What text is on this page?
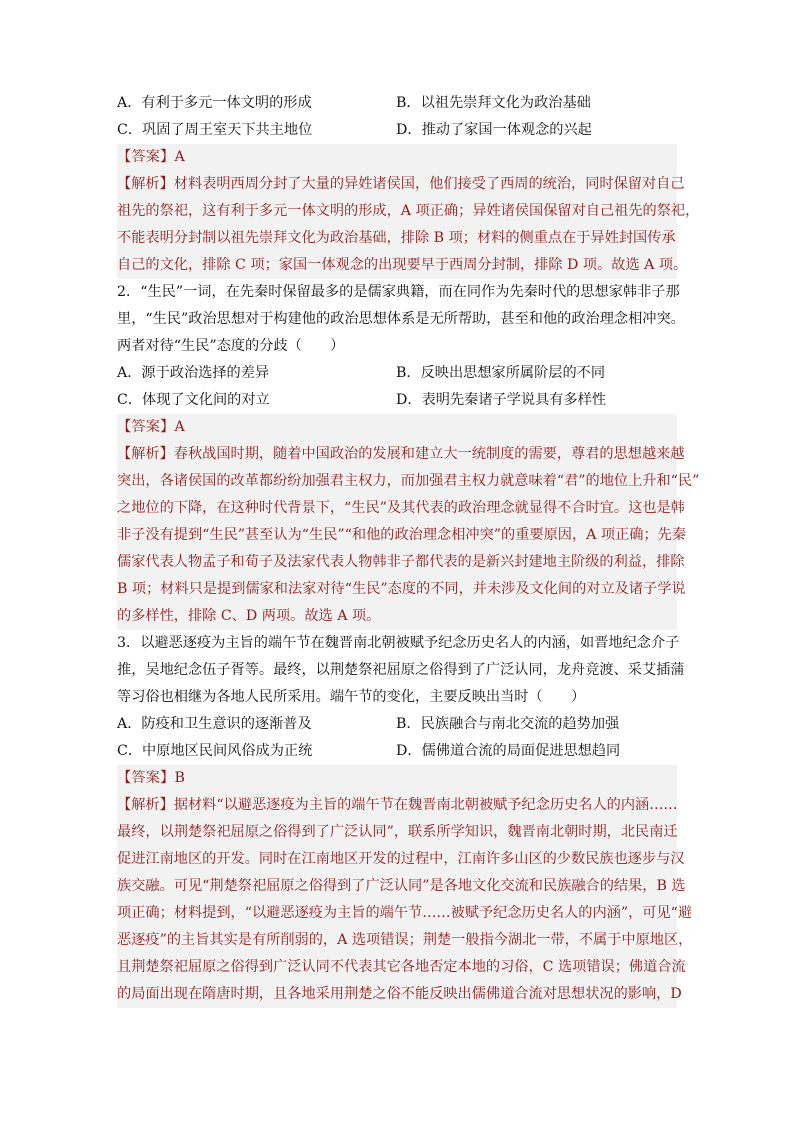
A．有利于多元一体文明的形成	B．以祖先崇拜文化为政治基础
C．巩固了周王室天下共主地位	D．推动了家国一体观念的兴起
【答案】A
【解析】材料表明西周分封了大量的异姓诸侯国，他们接受了西周的统治，同时保留对自己
祖先的祭祀，这有利于多元一体文明的形成，A 项正确；异姓诸侯国保留对自己祖先的祭祀，
不能表明分封制以祖先崇拜文化为政治基础，排除 B 项；材料的侧重点在于异姓封国传承
自己的文化，排除 C 项；家国一体观念的出现要早于西周分封制，排除 D 项。故选 A 项。
2．“生民”一词，在先秦时保留最多的是儒家典籍，而在同作为先秦时代的思想家韩非子那
里，“生民”政治思想对于构建他的政治思想体系是无所帮助，甚至和他的政治理念相冲突。
两者对待“生民”态度的分歧（　　）
A．源于政治选择的差异	B．反映出思想家所属阶层的不同
C．体现了文化间的对立	D．表明先秦诸子学说具有多样性
【答案】A
【解析】春秋战国时期，随着中国政治的发展和建立大一统制度的需要，尊君的思想越来越
突出，各诸侯国的改革都纷纷加强君主权力，而加强君主权力就意味着“君”的地位上升和“民”
之地位的下降，在这种时代背景下，“生民”及其代表的政治理念就显得不合时宜。这也是韩
非子没有提到“生民”甚至认为“生民”“和他的政治理念相冲突”的重要原因，A 项正确；先秦
儒家代表人物孟子和荀子及法家代表人物韩非子都代表的是新兴封建地主阶级的利益，排除
B 项；材料只是提到儒家和法家对待“生民”态度的不同，并未涉及文化间的对立及诸子学说
的多样性，排除 C、D 两项。故选 A 项。
3．以避恶逐疫为主旨的端午节在魏晋南北朝被赋予纪念历史名人的内涵，如晋地纪念介子
推，吴地纪念伍子胥等。最终，以荆楚祭祀屈原之俗得到了广泛认同，龙舟竞渡、采艾插蒲
等习俗也相继为各地人民所采用。端午节的变化，主要反映出当时（　　）
A．防疫和卫生意识的逐渐普及	B．民族融合与南北交流的趋势加强
C．中原地区民间风俗成为正统	D．儒佛道合流的局面促进思想趋同
【答案】B
【解析】据材料“以避恶逐疫为主旨的端午节在魏晋南北朝被赋予纪念历史名人的内涵……
最终，以荆楚祭祀屈原之俗得到了广泛认同”，联系所学知识，魏晋南北朝时期，北民南迁
促进江南地区的开发。同时在江南地区开发的过程中，江南许多山区的少数民族也逐步与汉
族交融。可见“荆楚祭祀屈原之俗得到了广泛认同”是各地文化交流和民族融合的结果，B 选
项正确；材料提到，“以避恶逐疫为主旨的端午节……被赋予纪念历史名人的内涵”，可见“避
恶逐疫”的主旨其实是有所削弱的，A 选项错误；荆楚一般指今湖北一带，不属于中原地区，
且荆楚祭祀屈原之俗得到广泛认同不代表其它各地否定本地的习俗，C 选项错误；佛道合流
的局面出现在隋唐时期，且各地采用荆楚之俗不能反映出儒佛道合流对思想状况的影响，D
